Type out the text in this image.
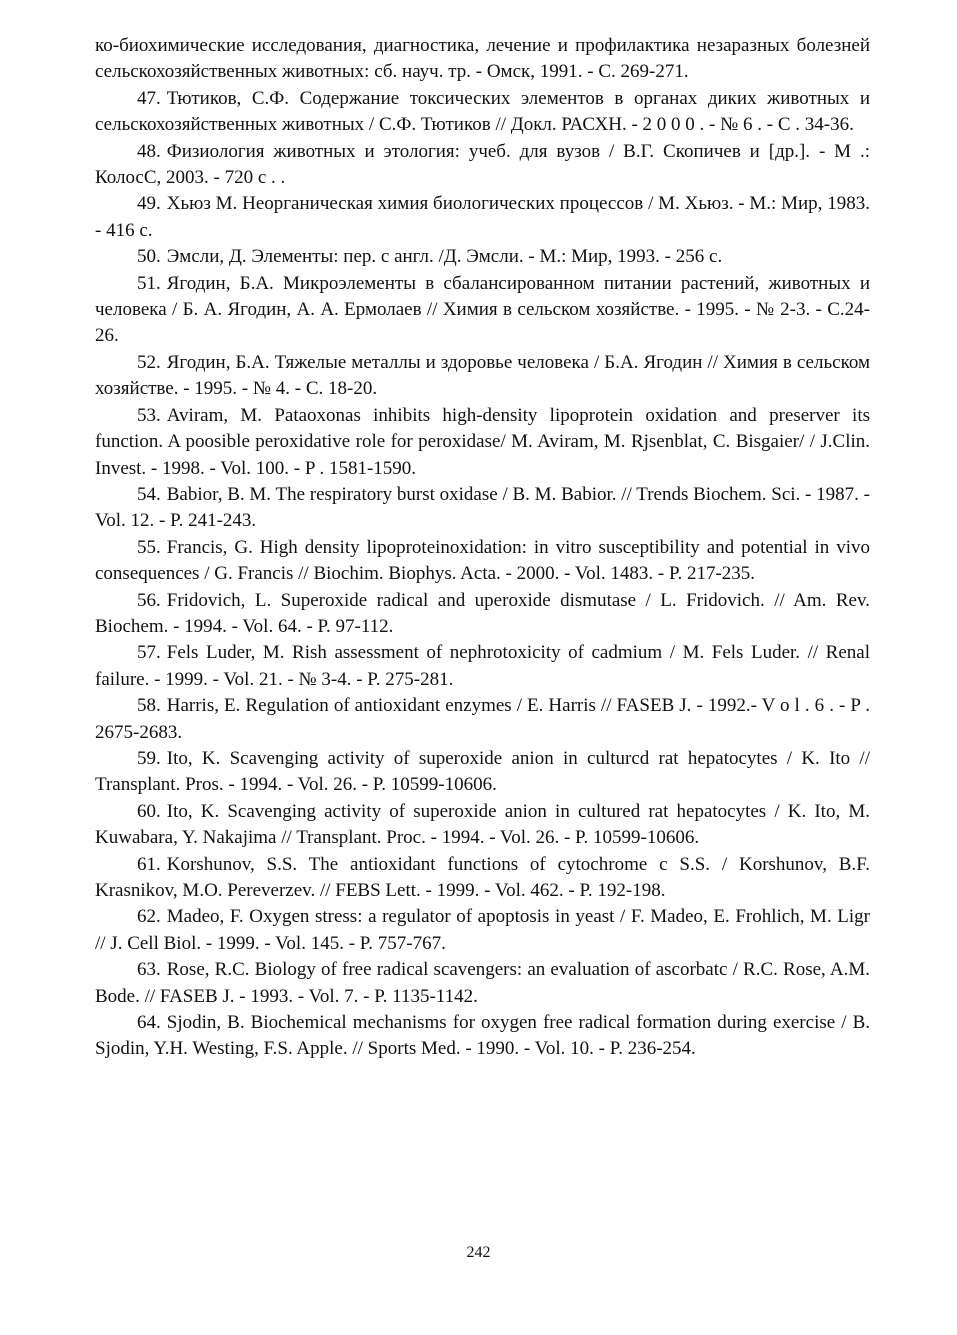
ко-биохимические исследования, диагностика, лечение и профилактика незаразных болезней сельскохозяйственных животных: сб. науч. тр. - Омск, 1991. - С. 269-271.

47. Тютиков, С.Ф. Содержание токсических элементов в органах диких животных и сельскохозяйственных животных / С.Ф. Тютиков // Докл. РАСХН. - 2 0 0 0 . - № 6 . - С . 34-36.

48. Физиология животных и этология: учеб. для вузов / В.Г. Скопичев и [др.]. - М .: КолосС, 2003. - 720 с . .

49. Хьюз М. Неорганическая химия биологических процессов / М. Хьюз. - М.: Мир, 1983. - 416 с.

50. Эмсли, Д. Элементы: пер. с англ. /Д. Эмсли. - М.: Мир, 1993. - 256 с.

51. Ягодин, Б.А. Микроэлементы в сбалансированном питании растений, животных и человека / Б. А. Ягодин, А. А. Ермолаев // Химия в сельском хозяйстве. - 1995. - № 2-3. - С.24-26.

52. Ягодин, Б.А. Тяжелые металлы и здоровье человека / Б.А. Ягодин // Химия в сельском хозяйстве. - 1995. - № 4. - С. 18-20.

53. Aviram, M. Pataoxonas inhibits high-density lipoprotein oxidation and preserver its function. A poosible peroxidative role for peroxidase/ M. Aviram, M. Rjsenblat, C. Bisgaier/ / J.Clin. Invest. - 1998. - Vol. 100. - P . 1581-1590.

54. Babior, B. M. The respiratory burst oxidase / B. M. Babior. // Trends Biochem. Sci. - 1987. - Vol. 12. - P. 241-243.

55. Francis, G. High density lipoproteinoxidation: in vitro susceptibility and potential in vivo consequences / G. Francis // Biochim. Biophys. Acta. - 2000. - Vol. 1483. - P. 217-235.

56. Fridovich, L. Superoxide radical and uperoxide dismutase / L. Fridovich. // Am. Rev. Biochem. - 1994. - Vol. 64. - P. 97-112.

57. Fels Luder, M. Rish assessment of nephrotoxicity of cadmium / M. Fels Luder. // Renal failure. - 1999. - Vol. 21. - № 3-4. - P. 275-281.

58. Harris, E. Regulation of antioxidant enzymes / E. Harris // FASEB J. - 1992.- V o l . 6 . - P . 2675-2683.

59. Ito, K. Scavenging activity of superoxide anion in culturcd rat hepatocytes / K. Ito // Transplant. Pros. - 1994. - Vol. 26. - P. 10599-10606.

60. Ito, K. Scavenging activity of superoxide anion in cultured rat hepatocytes / K. Ito, M. Kuwabara, Y. Nakajima // Transplant. Proc. - 1994. - Vol. 26. - P. 10599-10606.

61. Korshunov, S.S. The antioxidant functions of cytochrome c S.S. / Korshunov, B.F. Krasnikov, M.O. Pereverzev. // FEBS Lett. - 1999. - Vol. 462. - P. 192-198.

62. Madeo, F. Oxygen stress: a regulator of apoptosis in yeast / F. Madeo, E. Frohlich, M. Ligr // J. Cell Biol. - 1999. - Vol. 145. - P. 757-767.

63. Rose, R.C. Biology of free radical scavengers: an evaluation of ascorbatc / R.C. Rose, A.M. Bode. // FASEB J. - 1993. - Vol. 7. - P. 1135-1142.

64. Sjodin, B. Biochemical mechanisms for oxygen free radical formation during exercise / B. Sjodin, Y.H. Westing, F.S. Apple. // Sports Med. - 1990. - Vol. 10. - P. 236-254.

242
